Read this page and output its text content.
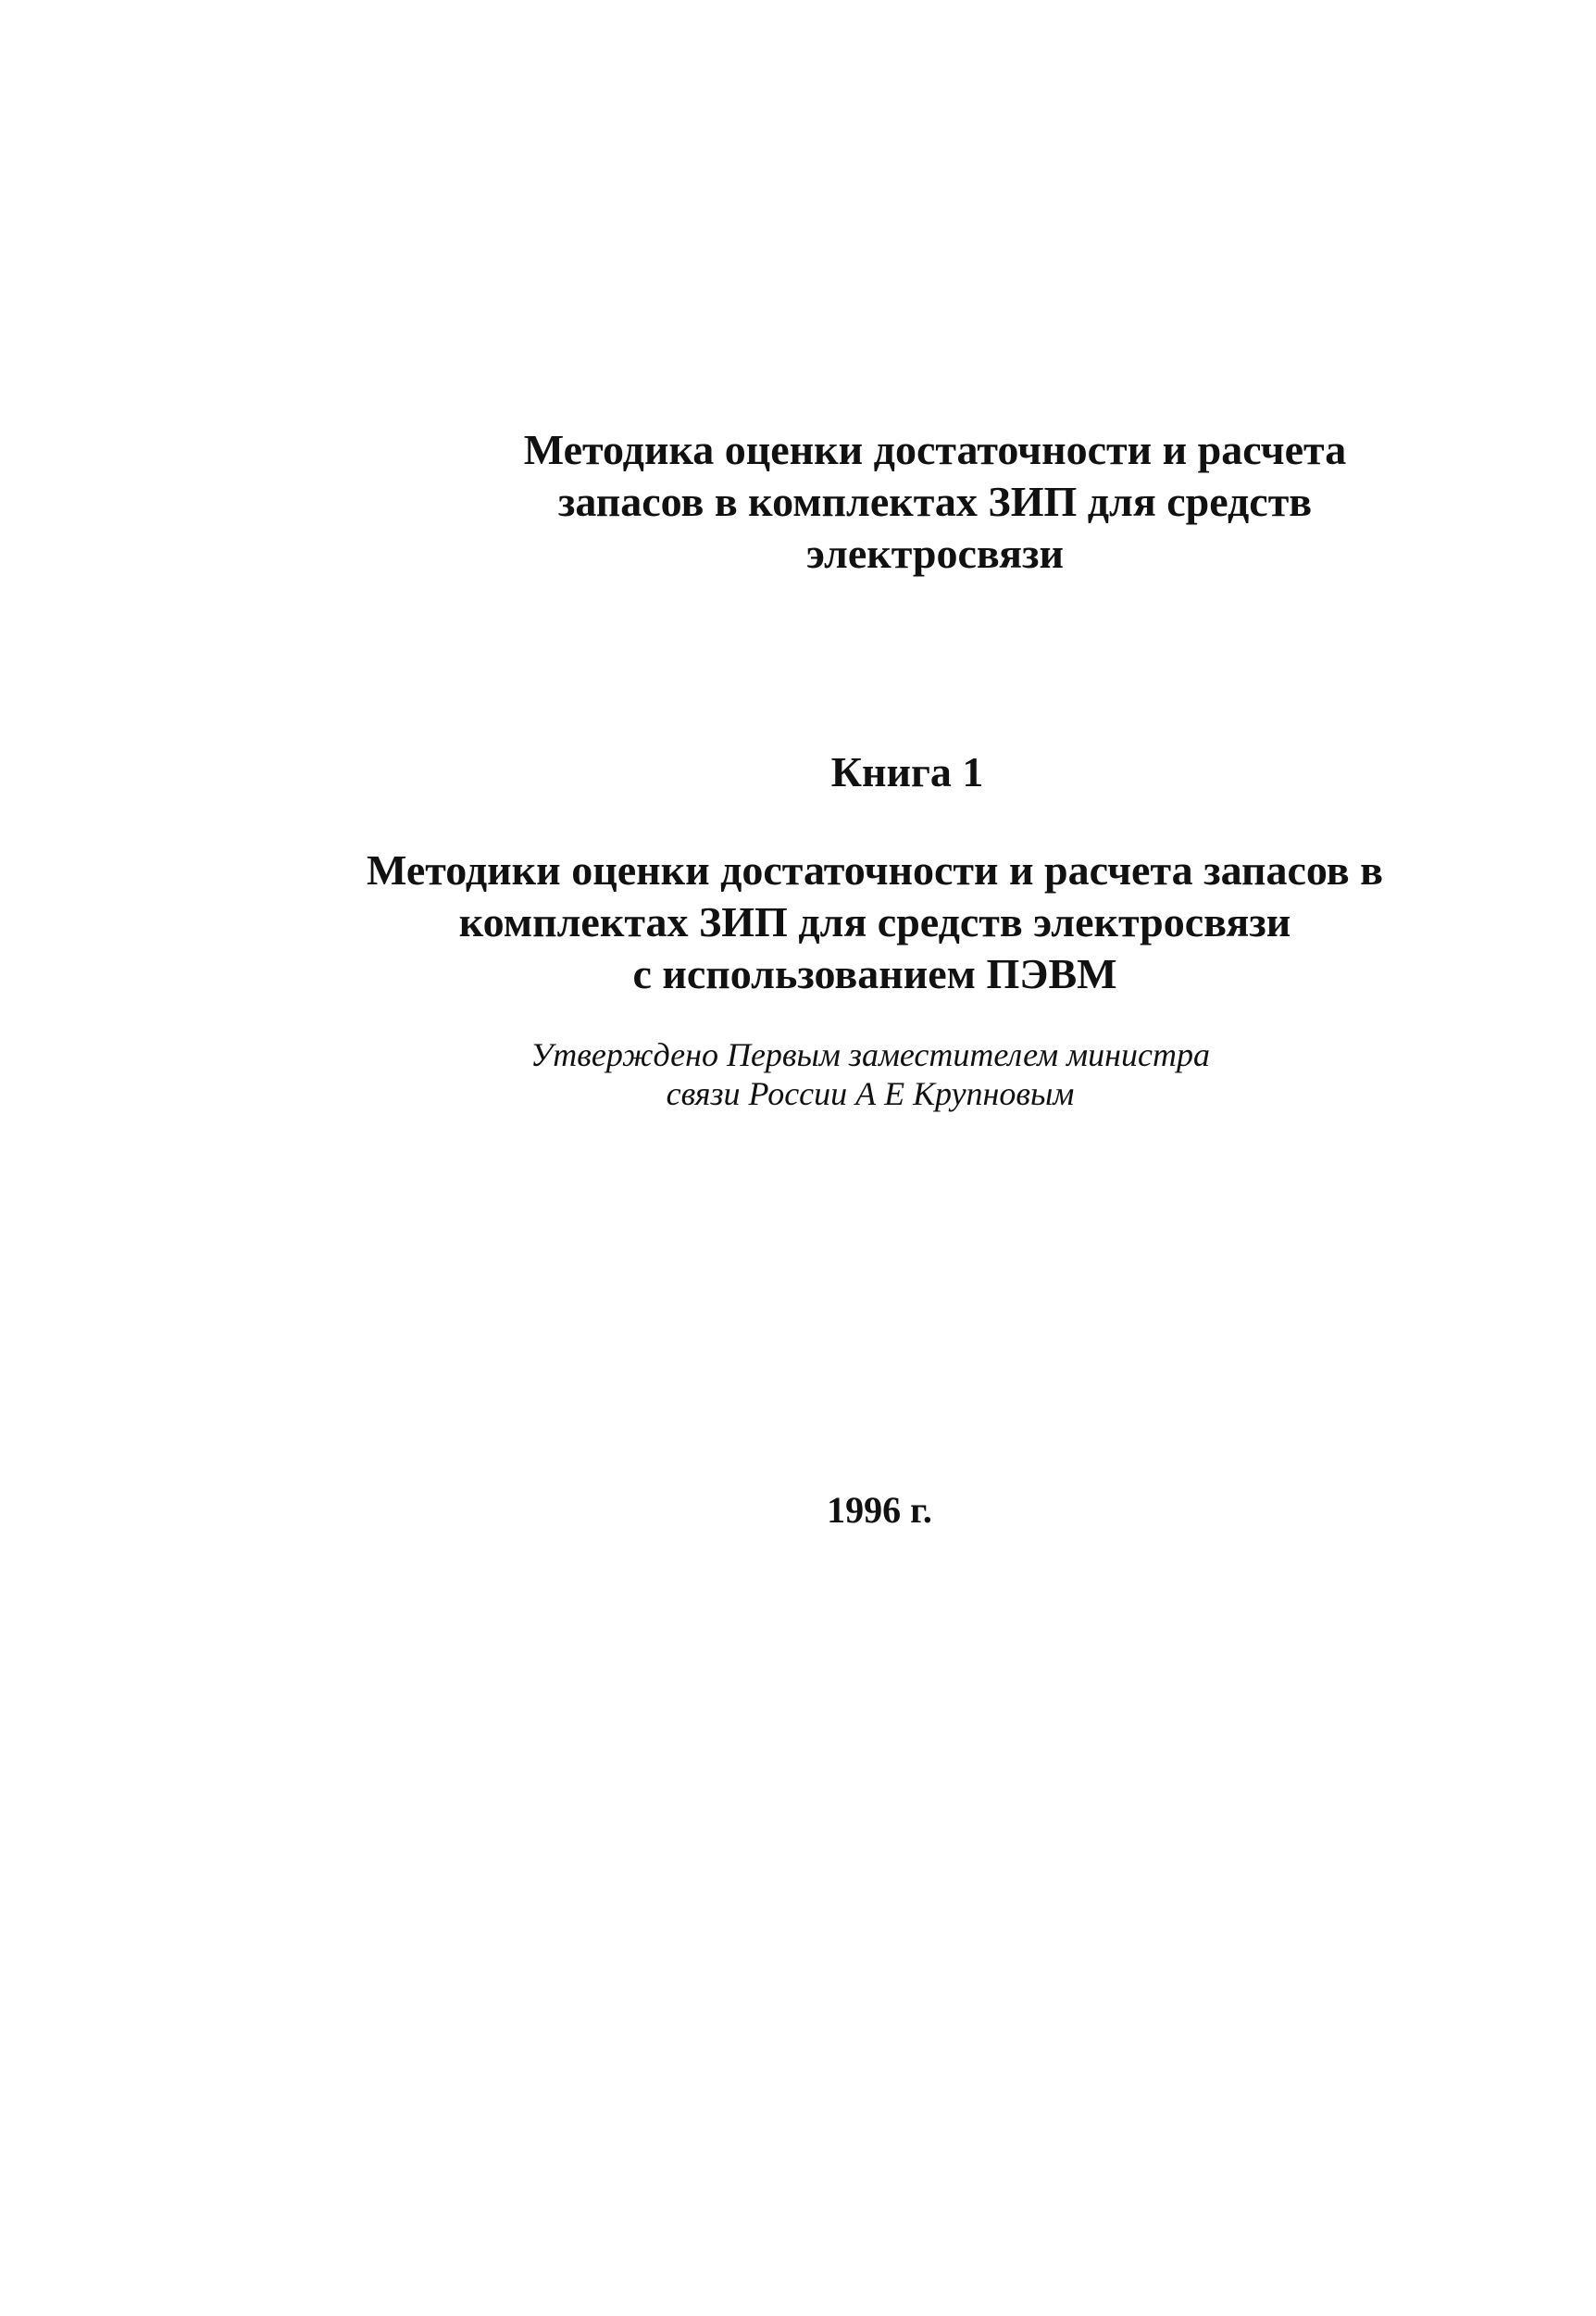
Методика оценки достаточности и расчета
запасов в комплектах ЗИП для средств
электросвязи
Книга 1
Методики оценки достаточности и расчета запасов в
комплектах ЗИП для средств электросвязи
с использованием ПЭВМ
Утверждено Первым заместителем министра
связи России А Е Крупновым
1996 г.
